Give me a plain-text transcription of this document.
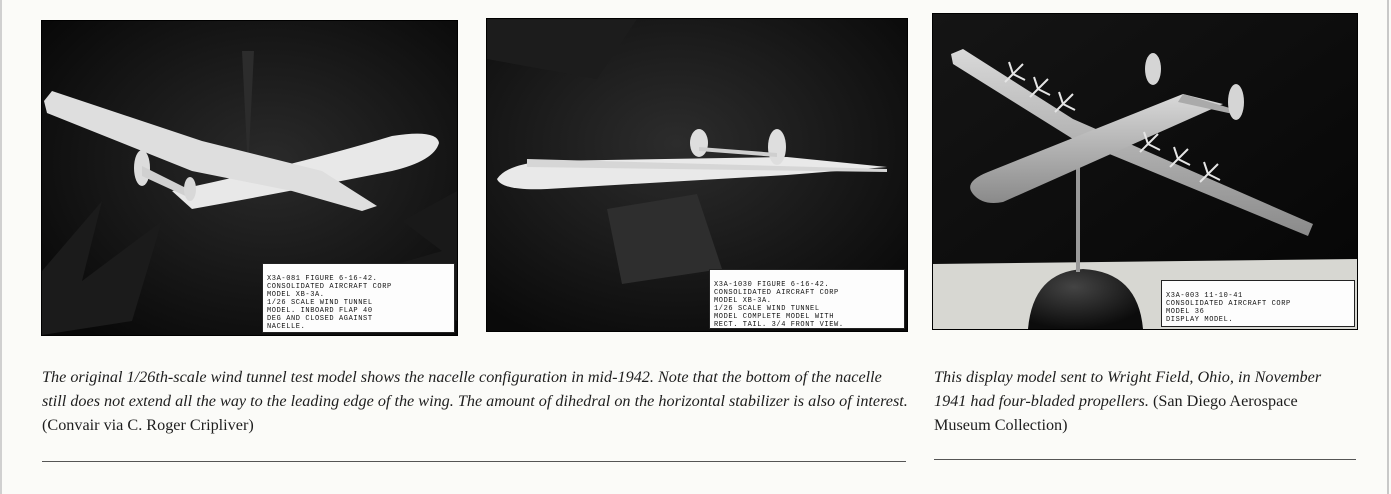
X3A-081 FIGURE 6-16-42.
CONSOLIDATED AIRCRAFT CORP
MODEL XB-3A.
1/26 SCALE WIND TUNNEL
MODEL. INBOARD FLAP 40
DEG AND CLOSED AGAINST
NACELLE.

X3A-1030 FIGURE 6-16-42.
CONSOLIDATED AIRCRAFT CORP
MODEL XB-3A.
1/26 SCALE WIND TUNNEL
MODEL COMPLETE MODEL WITH
RECT. TAIL. 3/4 FRONT VIEW.

X3A-003 11-10-41
CONSOLIDATED AIRCRAFT CORP
MODEL 36
DISPLAY MODEL.

The original 1/26th-scale wind tunnel test model shows the nacelle configuration in mid-1942. Note that the bottom of the nacelle still does not extend all the way to the leading edge of the wing. The amount of dihedral on the horizontal stabilizer is also of interest. (Convair via C. Roger Cripliver)
This display model sent to Wright Field, Ohio, in November 1941 had four-bladed propellers. (San Diego Aerospace Museum Collection)
